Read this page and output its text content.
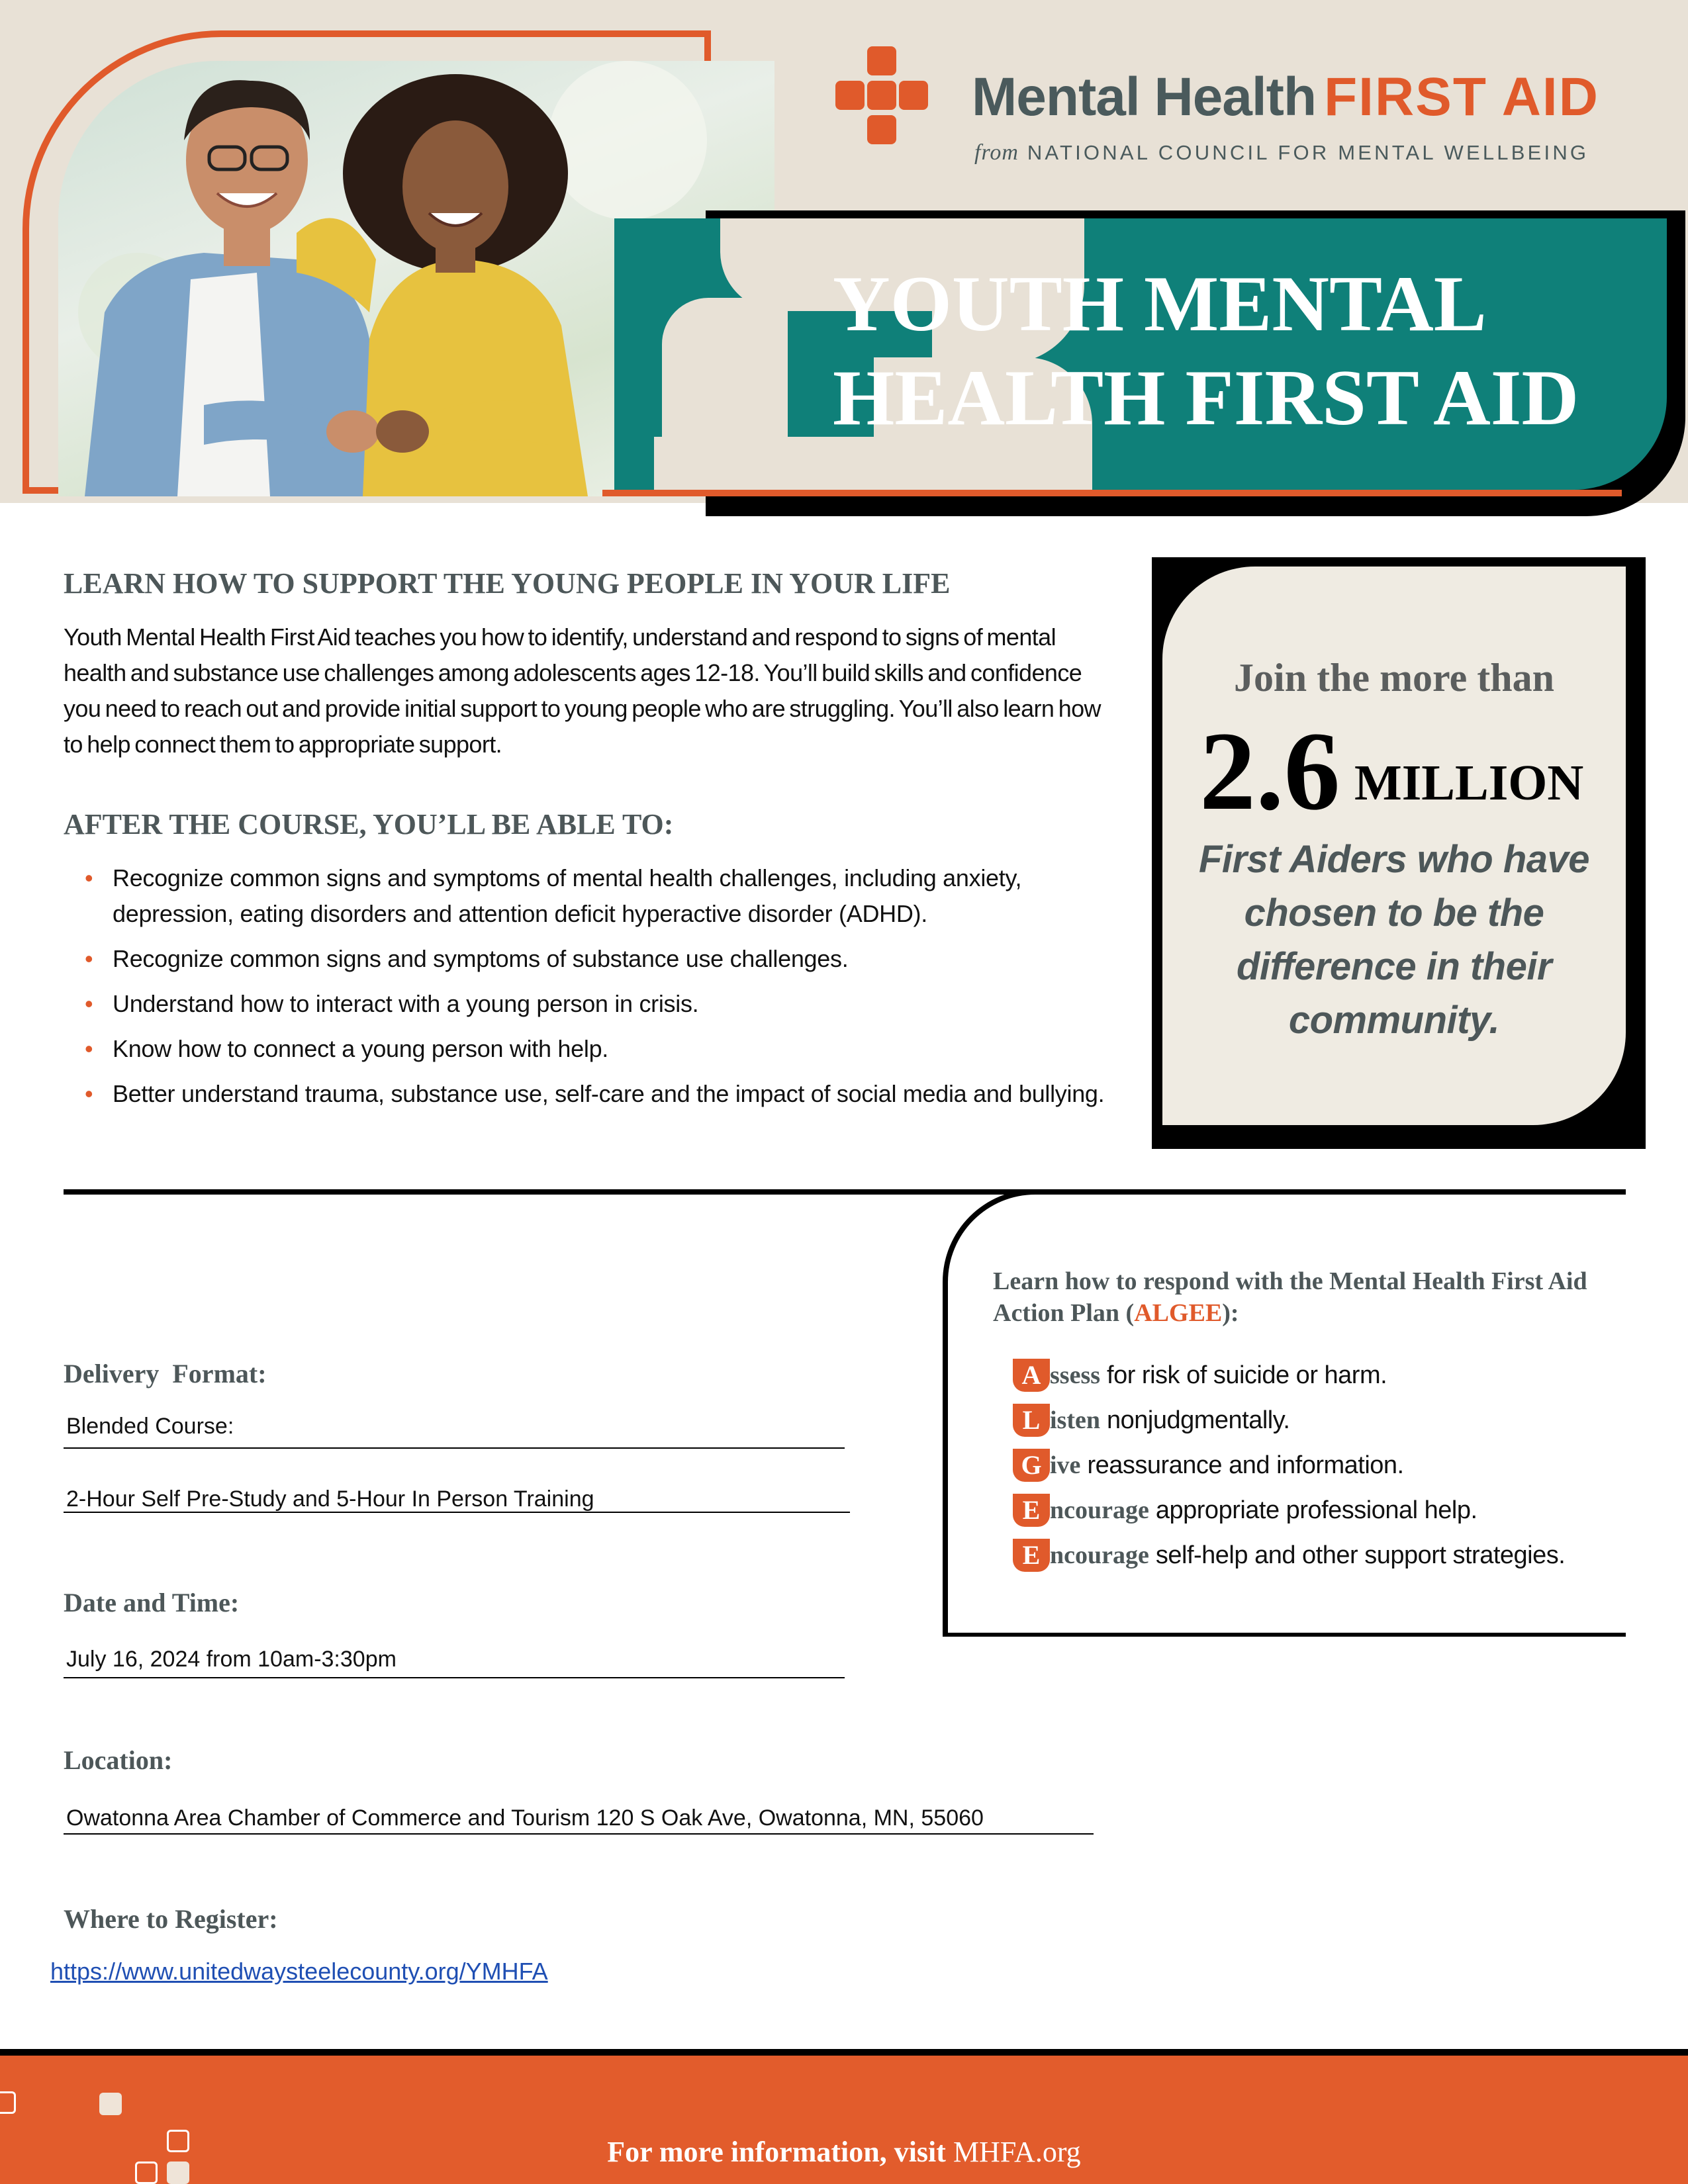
Mental Health FIRST AID
from NATIONAL COUNCIL FOR MENTAL WELLBEING
YOUTH MENTAL
HEALTH FIRST AID
LEARN HOW TO SUPPORT THE YOUNG PEOPLE IN YOUR LIFE
Youth Mental Health First Aid teaches you how to identify, understand and respond to signs of mental health and substance use challenges among adolescents ages 12-18. You’ll build skills and confidence you need to reach out and provide initial support to young people who are struggling. You’ll also learn how to help connect them to appropriate support.
AFTER THE COURSE, YOU’LL BE ABLE TO:
• Recognize common signs and symptoms of mental health challenges, including anxiety, depression, eating disorders and attention deficit hyperactive disorder (ADHD).
• Recognize common signs and symptoms of substance use challenges.
• Understand how to interact with a young person in crisis.
• Know how to connect a young person with help.
• Better understand trauma, substance use, self-care and the impact of social media and bullying.
Join the more than
2.6 MILLION
First Aiders who have chosen to be the difference in their community.
Learn how to respond with the Mental Health First Aid Action Plan (ALGEE):
A ssess for risk of suicide or harm.
L isten nonjudgmentally.
G ive reassurance and information.
E ncourage appropriate professional help.
E ncourage self-help and other support strategies.
Delivery  Format:
Blended Course:
2-Hour Self Pre-Study and 5-Hour In Person Training
Date and Time:
July 16, 2024 from 10am-3:30pm
Location:
Owatonna Area Chamber of Commerce and Tourism 120 S Oak Ave, Owatonna, MN, 55060
Where to Register:
https://www.unitedwaysteelecounty.org/YMHFA
For more information, visit MHFA.org
